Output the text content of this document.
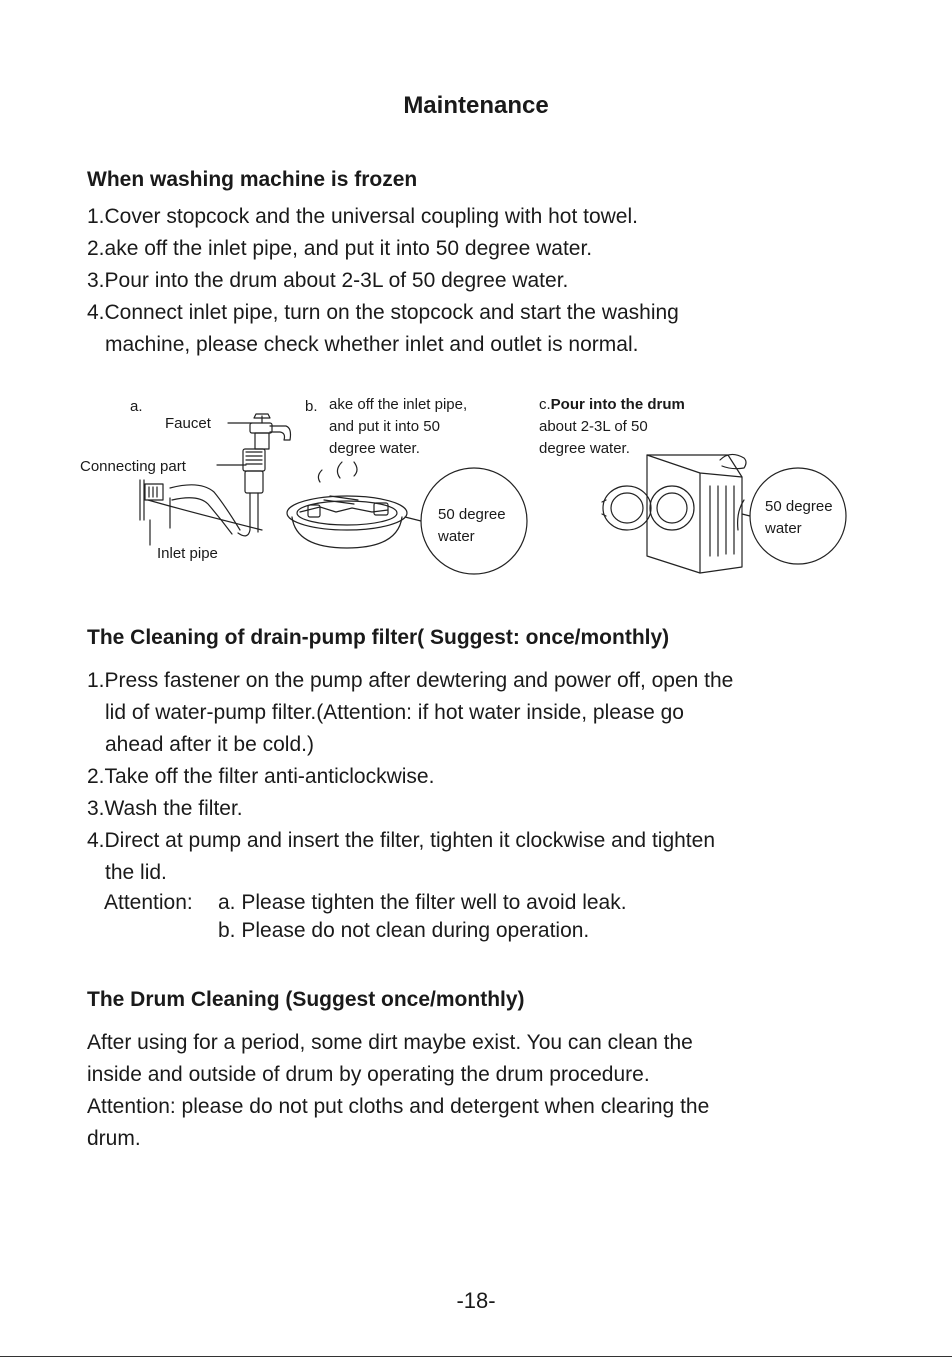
Maintenance
When washing machine is frozen
1.Cover stopcock and the universal coupling with hot towel.
2.ake off the inlet pipe, and put it into 50 degree water.
3.Pour into the drum about 2-3L of 50 degree water.
4.Connect inlet pipe, turn on the stopcock and start the washing
machine, please check whether inlet and outlet is normal.
a.
Faucet
Connecting part
Inlet pipe
b. ake off the inlet pipe,
and put it into 50
degree water.
50 degree
water
c.Pour into the drum
about 2-3L of 50
degree water.
50 degree
water
The Cleaning of drain-pump filter( Suggest: once/monthly)
1.Press fastener on the pump after dewtering and power off, open the
lid of water-pump filter.(Attention: if hot water inside, please go
ahead after it be cold.)
2.Take off the filter anti-anticlockwise.
3.Wash the filter.
4.Direct at pump and insert the filter, tighten it clockwise and tighten
the lid.
Attention: a. Please tighten the filter well to avoid leak.
b. Please do not clean during operation.
The Drum Cleaning (Suggest once/monthly)
After using for a period, some dirt maybe exist. You can clean the
inside and outside of drum by operating the drum procedure.
Attention: please do not put cloths and detergent when clearing the
drum.
-18-
